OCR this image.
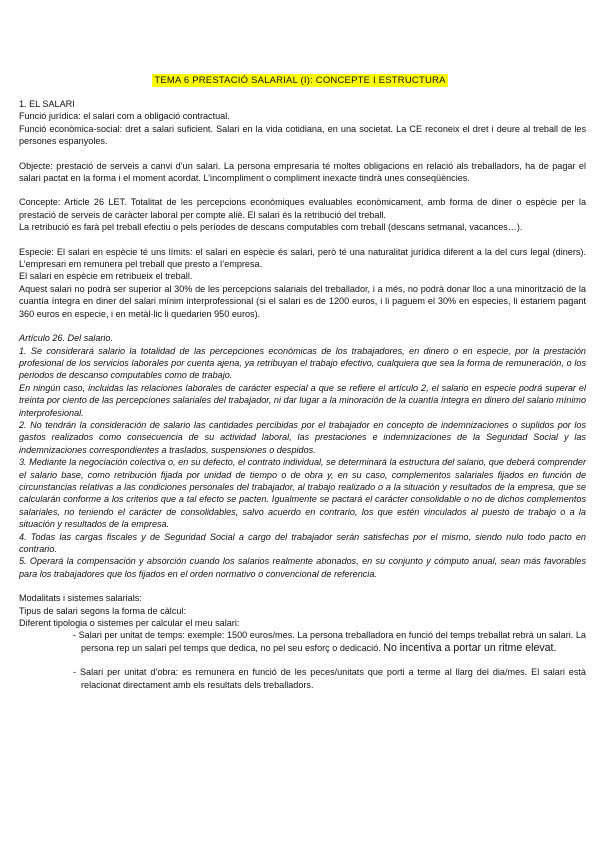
TEMA 6 PRESTACIÓ SALARIAL (I): CONCEPTE I ESTRUCTURA

1. EL SALARI

Funció jurídica: el salari com a obligació contractual.

Funció econòmica-social: dret a salari suficient. Salari en la vida cotidiana, en una societat. La CE reconeix el dret i deure al treball de les persones espanyoles.

Objecte: prestació de serveis a canvi d’un salari. La persona empresaria té moltes obligacions en relació als treballadors, ha de pagar el salari pactat en la forma i el moment acordat. L’incompliment o compliment inexacte tindrà unes conseqüències.

Concepte: Article 26 LET. Totalitat de les percepcions econòmiques evaluables econòmicament, amb forma de diner o espècie per la prestació de serveis de caràcter laboral per compte aliè. El salari és la retribució del treball.

La retribució es farà pel treball efectiu o pels períodes de descans computables com treball (descans setmanal, vacances…).

Especie: El salari en espècie té uns límits: el salari en espècie és salari, però té una naturalitat jurídica diferent a la del curs legal (diners). L’empresari em remunera pel treball que presto a l’empresa.

El salari en espècie em retribueix el treball.

Aquest salari no podrà ser superior al 30% de les percepcions salarials del treballador, i a més, no podrà donar lloc a una minorització de la cuantía íntegra en diner del salari mínim interprofessional (si el salari es de 1200 euros, i li paguem el 30% en especies, li estariem pagant 360 euros en especie, i en metàl·lic li quedarien 950 euros).

Artículo 26. Del salario.

1. Se considerará salario la totalidad de las percepciones económicas de los trabajadores, en dinero o en especie, por la prestación profesional de los servicios laborales por cuenta ajena, ya retribuyan el trabajo efectivo, cualquiera que sea la forma de remuneración, o los periodos de descanso computables como de trabajo.

En ningún caso, incluidas las relaciones laborales de carácter especial a que se refiere el artículo 2, el salario en especie podrá superar el treinta por ciento de las percepciones salariales del trabajador, ni dar lugar a la minoración de la cuantía íntegra en dinero del salario mínimo interprofesional.

2. No tendrán la consideración de salario las cantidades percibidas por el trabajador en concepto de indemnizaciones o suplidos por los gastos realizados como consecuencia de su actividad laboral, las prestaciones e indemnizaciones de la Seguridad Social y las indemnizaciones correspondientes a traslados, suspensiones o despidos.

3. Mediante la negociación colectiva o, en su defecto, el contrato individual, se determinará la estructura del salario, que deberá comprender el salario base, como retribución fijada por unidad de tiempo o de obra y, en su caso, complementos salariales fijados en función de circunstancias relativas a las condiciones personales del trabajador, al trabajo realizado o a la situación y resultados de la empresa, que se calcularán conforme a los criterios que a tal efecto se pacten. Igualmente se pactará el carácter consolidable o no de dichos complementos salariales, no teniendo el carácter de consolidables, salvo acuerdo en contrario, los que estén vinculados al puesto de trabajo o a la situación y resultados de la empresa.

4. Todas las cargas fiscales y de Seguridad Social a cargo del trabajador serán satisfechas por el mismo, siendo nulo todo pacto en contrario.

5. Operará la compensación y absorción cuando los salarios realmente abonados, en su conjunto y cómputo anual, sean más favorables para los trabajadores que los fijados en el orden normativo o convencional de referencia.

Modalitats i sistemes salarials:

Tipus de salari segons la forma de càlcul:

Diferent tipologia o sistemes per calcular el meu salari:

- Salari per unitat de temps: exemple: 1500 euros/mes. La persona treballadora en funció del temps treballat rebrà un salari. La persona rep un salari pel temps que dedica, no pel seu esforç o dedicació. No incentiva a portar un ritme elevat.

- Salari per unitat d’obra: es remunera en funció de les peces/unitats que porti a terme al llarg del dia/mes. El salari està relacionat directament amb els resultats dels treballadors.
